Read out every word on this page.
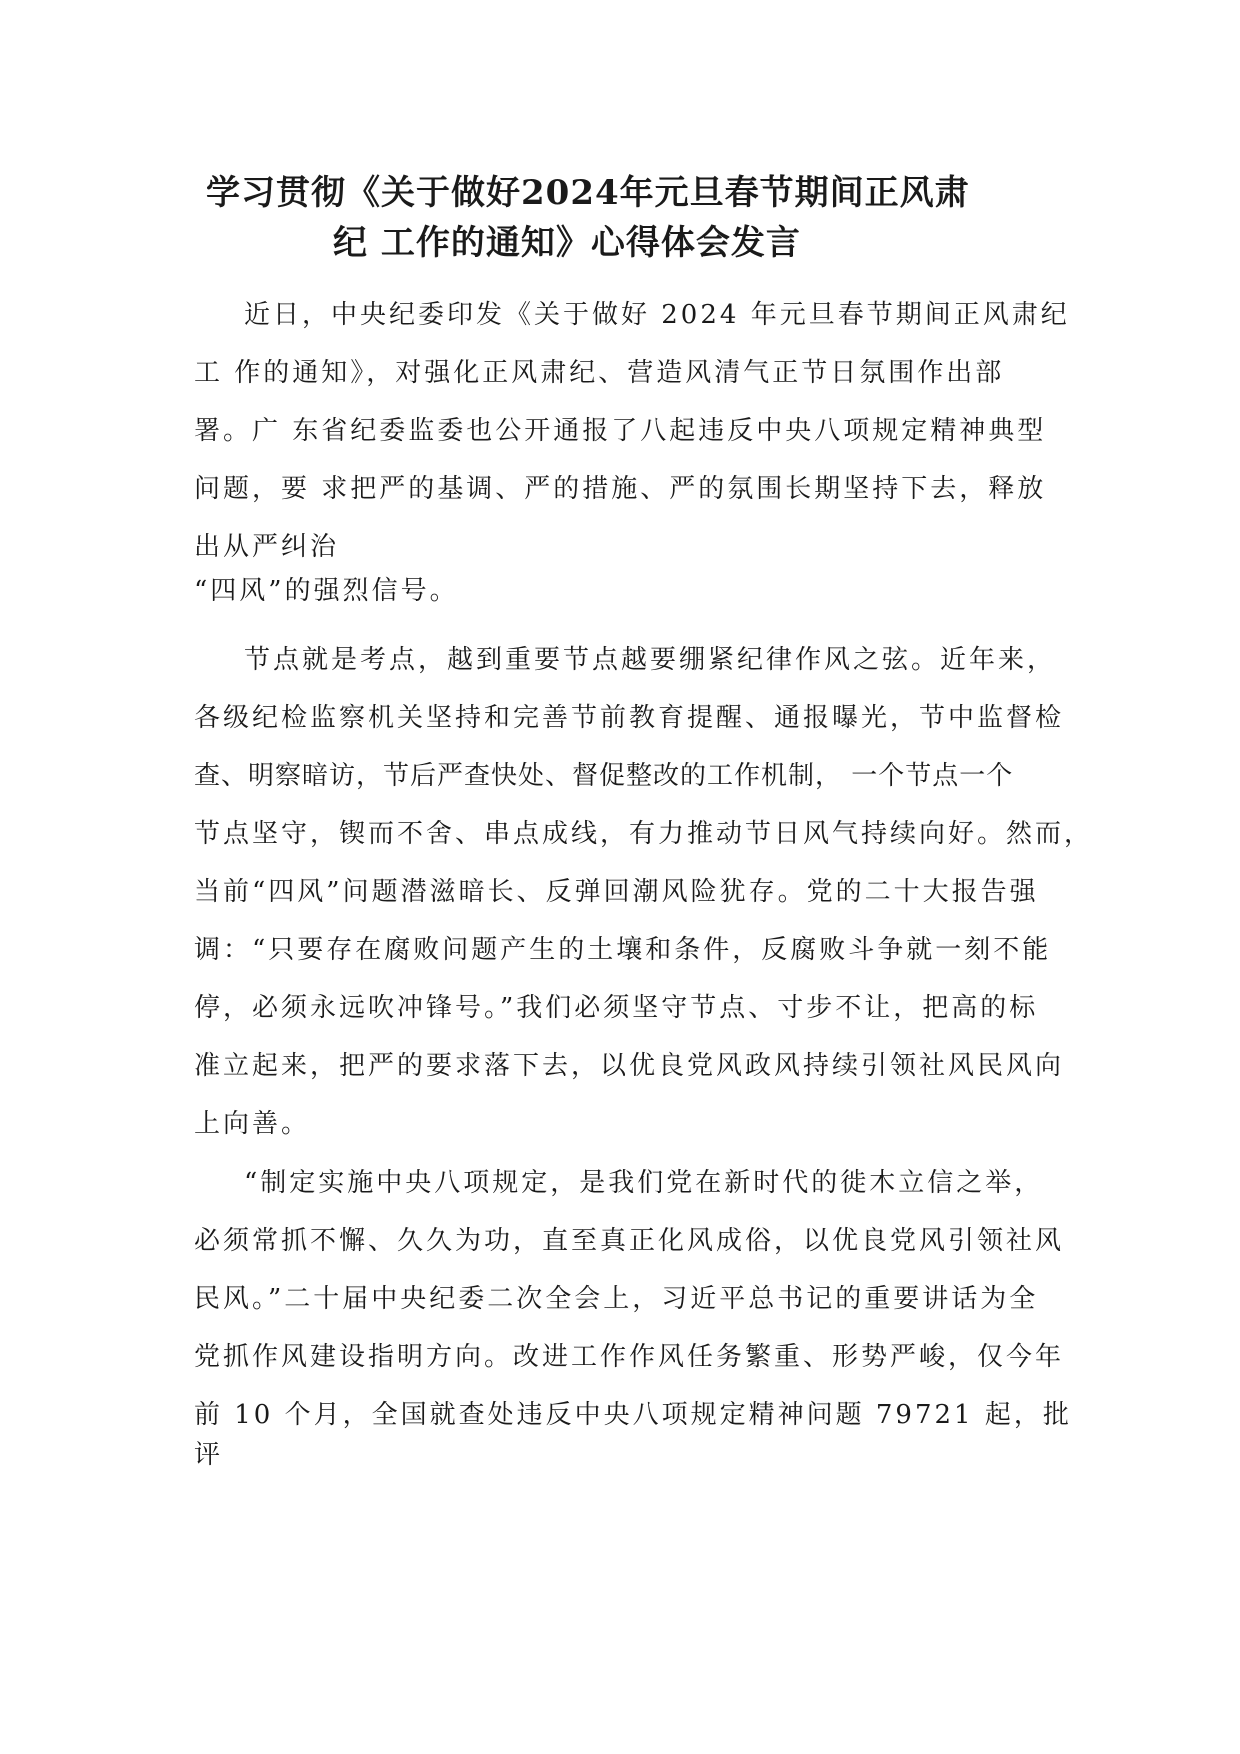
学习贯彻《关于做好2024年元旦春节期间正风肃
纪 工作的通知》心得体会发言
近日，中央纪委印发《关于做好 2024 年元旦春节期间正风肃纪
工 作的通知》，对强化正风肃纪、营造风清气正节日氛围作出部
署。广 东省纪委监委也公开通报了八起违反中央八项规定精神典型
问题，要 求把严的基调、严的措施、严的氛围长期坚持下去，释放
出从严纠治
“四风”的强烈信号。
节点就是考点，越到重要节点越要绷紧纪律作风之弦。近年来，
各级纪检监察机关坚持和完善节前教育提醒、通报曝光，节中监督检
查、明察暗访，节后严查快处、督促整改的工作机制， 一个节点一个
节点坚守，锲而不舍、串点成线，有力推动节日风气持续向好。然而，
当前“四风”问题潜滋暗长、反弹回潮风险犹存。党的二十大报告强
调：“只要存在腐败问题产生的土壤和条件，反腐败斗争就一刻不能
停，必须永远吹冲锋号。”我们必须坚守节点、寸步不让，把高的标
准立起来，把严的要求落下去，以优良党风政风持续引领社风民风向
上向善。
“制定实施中央八项规定，是我们党在新时代的徙木立信之举，
必须常抓不懈、久久为功，直至真正化风成俗，以优良党风引领社风
民风。”二十届中央纪委二次全会上，习近平总书记的重要讲话为全
党抓作风建设指明方向。改进工作作风任务繁重、形势严峻，仅今年
前 10 个月，全国就查处违反中央八项规定精神问题 79721 起，批
评
